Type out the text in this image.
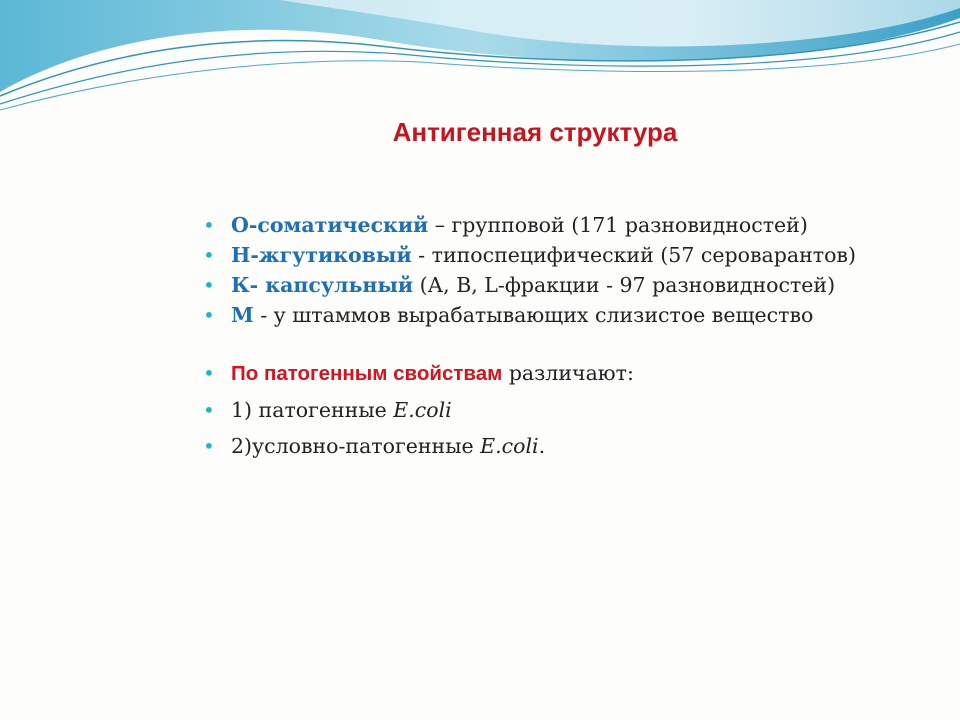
Антигенная структура
• О-соматический – групповой (171 разновидностей)
• Н-жгутиковый - типоспецифический (57 сероварантов)
• К- капсульный (А, В, L-фракции - 97 разновидностей)
• М - у штаммов вырабатывающих слизистое вещество
• По патогенным свойствам различают:
• 1) патогенные E.coli
• 2)условно-патогенные E.coli.
